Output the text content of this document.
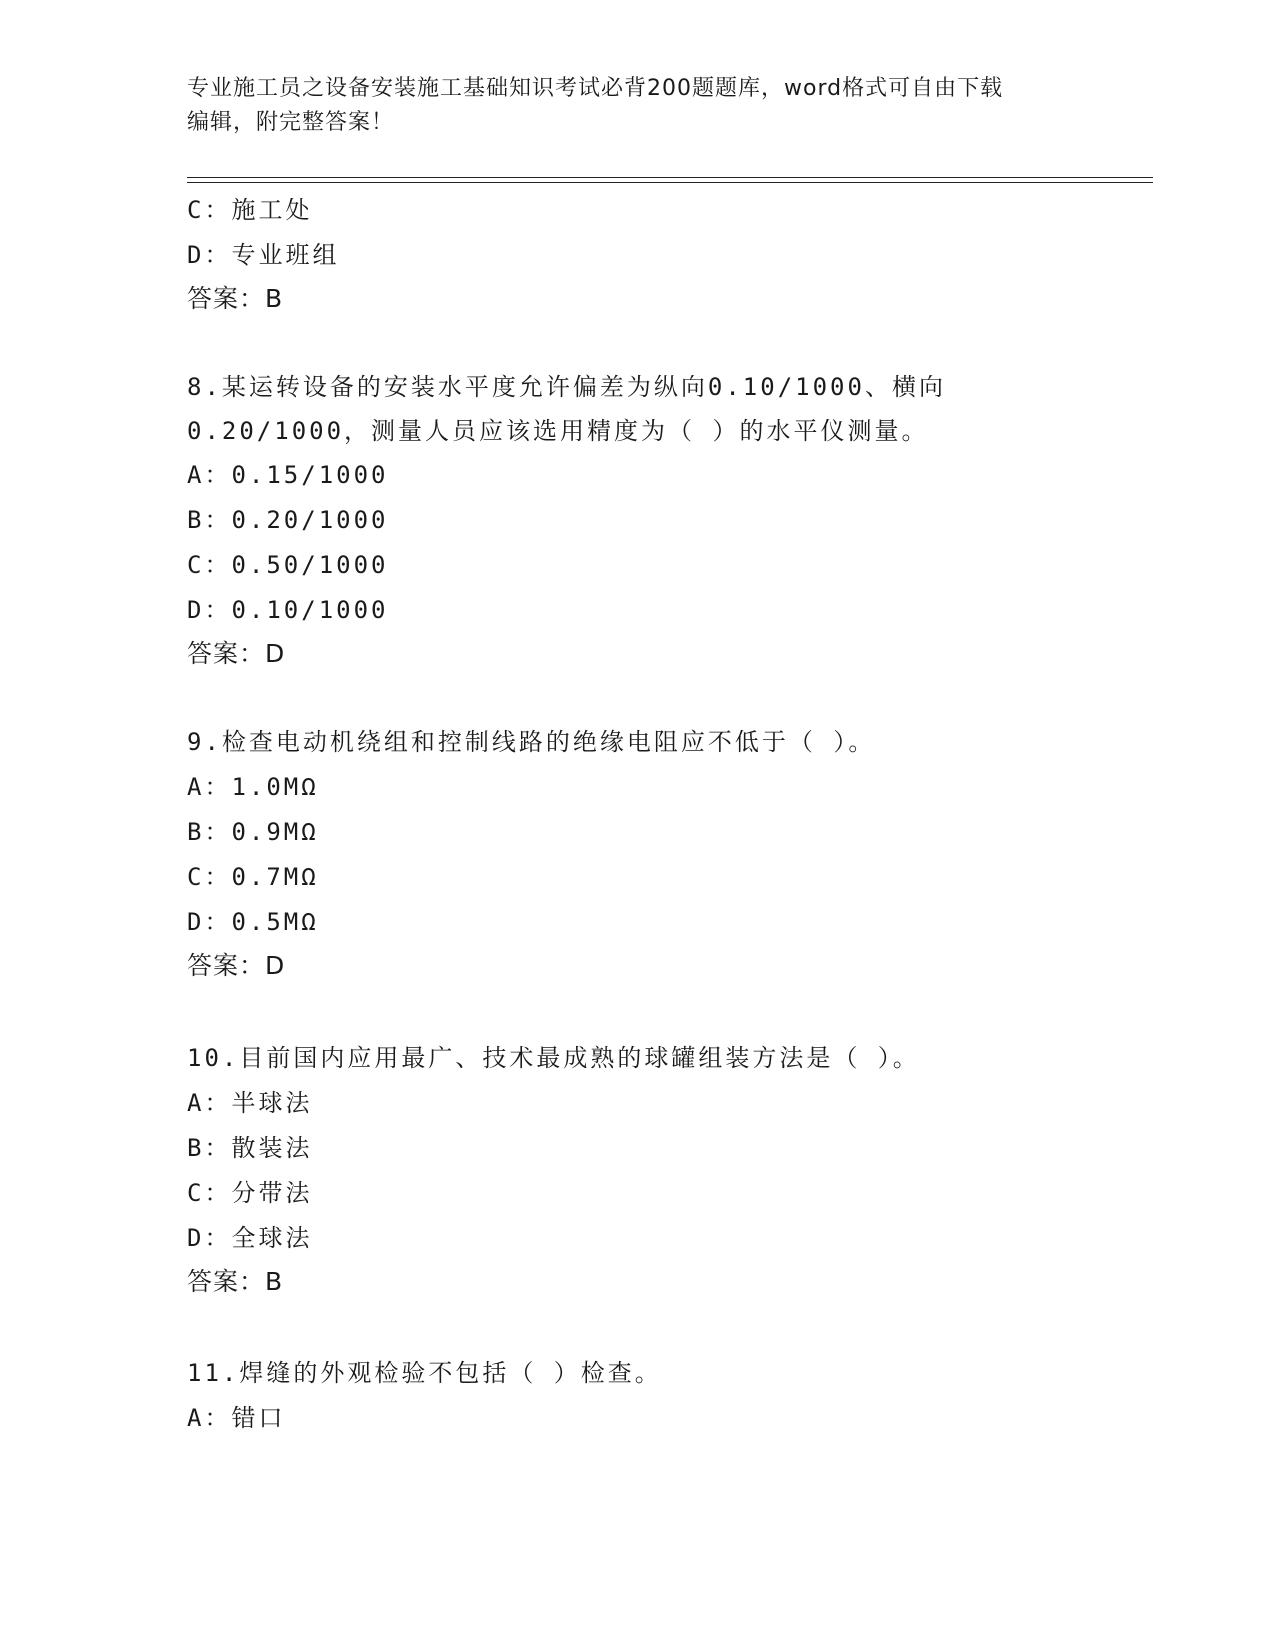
专业施工员之设备安装施工基础知识考试必背200题题库，word格式可自由下载
编辑，附完整答案！
C：施工处
D：专业班组
答案：B
8.某运转设备的安装水平度允许偏差为纵向0.10/1000、横向
0.20/1000，测量人员应该选用精度为（ ）的水平仪测量。
A：0.15/1000
B：0.20/1000
C：0.50/1000
D：0.10/1000
答案：D
9.检查电动机绕组和控制线路的绝缘电阻应不低于（ ）。
A：1.0MΩ
B：0.9MΩ
C：0.7MΩ
D：0.5MΩ
答案：D
10.目前国内应用最广、技术最成熟的球罐组装方法是（ ）。
A：半球法
B：散装法
C：分带法
D：全球法
答案：B
11.焊缝的外观检验不包括（ ）检查。
A：错口
